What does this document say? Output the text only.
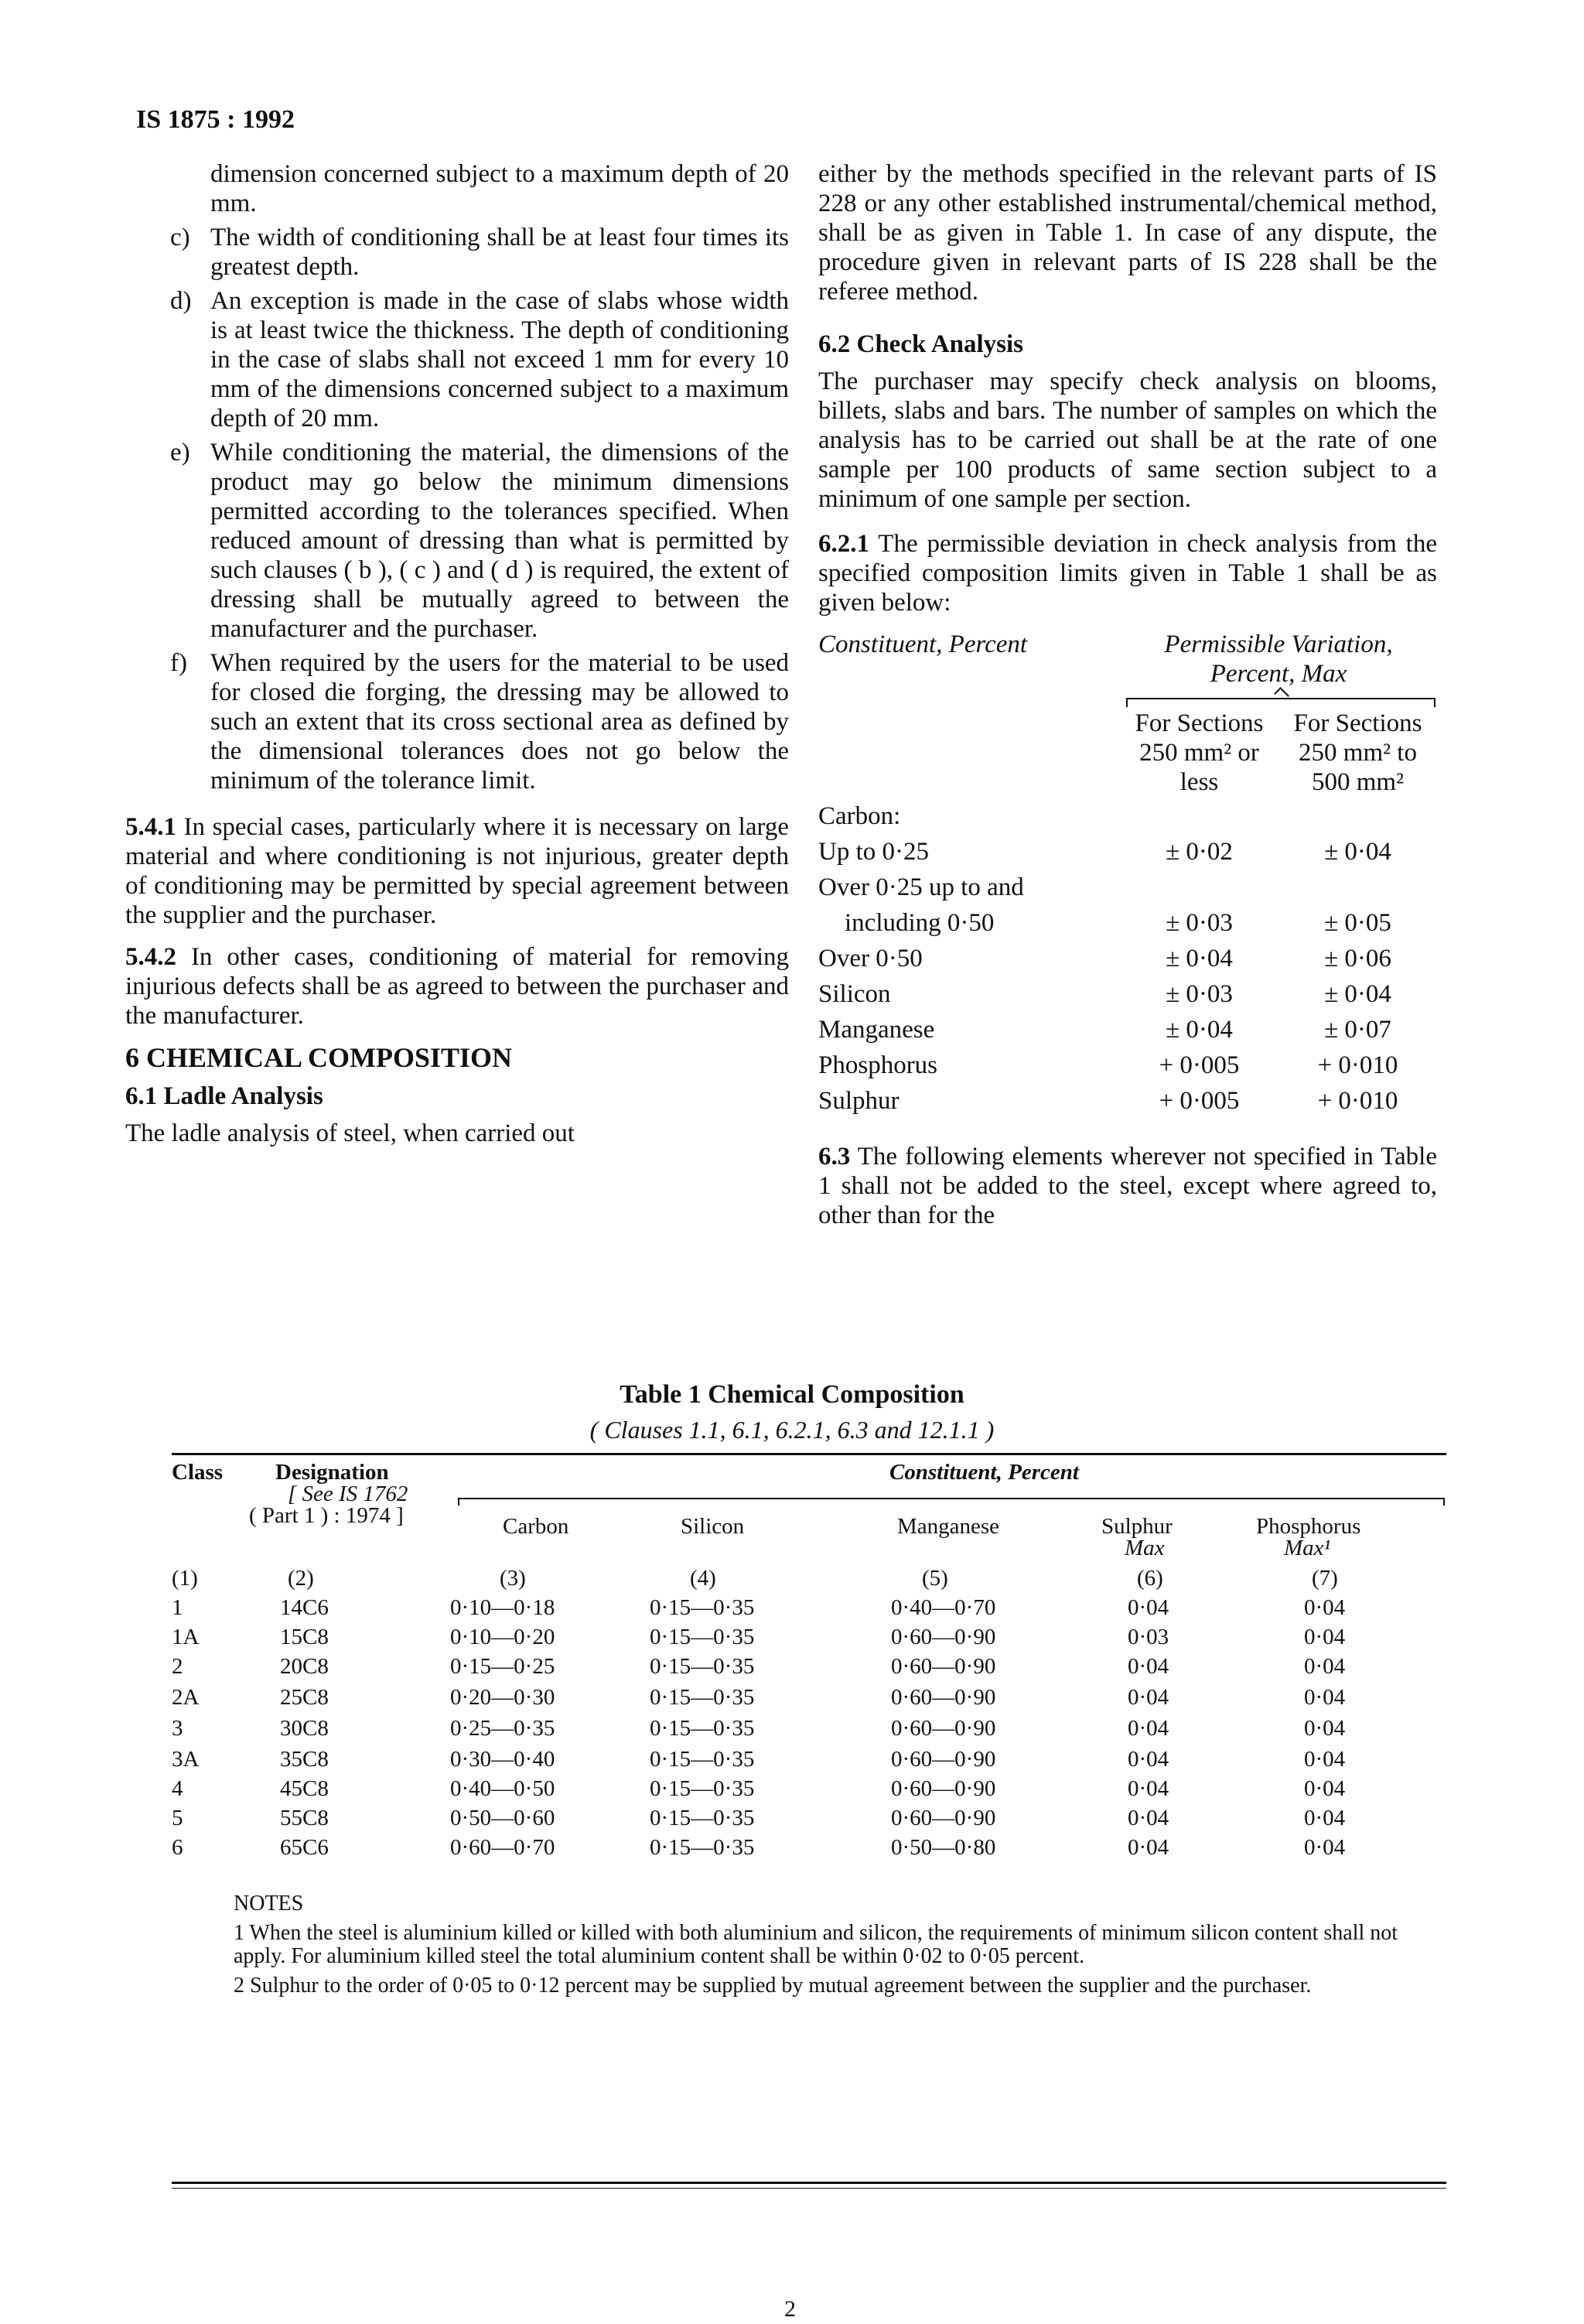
IS 1875 : 1992
dimension concerned subject to a maximum depth of 20 mm.
c) The width of conditioning shall be at least four times its greatest depth.
d) An exception is made in the case of slabs whose width is at least twice the thickness. The depth of conditioning in the case of slabs shall not exceed 1 mm for every 10 mm of the dimensions concerned subject to a maximum depth of 20 mm.
e) While conditioning the material, the dimensions of the product may go below the minimum dimensions permitted according to the tolerances specified. When reduced amount of dressing than what is permitted by such clauses ( b ), ( c ) and ( d ) is required, the extent of dressing shall be mutually agreed to between the manufacturer and the purchaser.
f) When required by the users for the material to be used for closed die forging, the dressing may be allowed to such an extent that its cross sectional area as defined by the dimensional tolerances does not go below the minimum of the tolerance limit.

5.4.1 In special cases, particularly where it is necessary on large material and where conditioning is not injurious, greater depth of conditioning may be permitted by special agreement between the supplier and the purchaser.

5.4.2 In other cases, conditioning of material for removing injurious defects shall be as agreed to between the purchaser and the manufacturer.

6 CHEMICAL COMPOSITION
6.1 Ladle Analysis

The ladle analysis of steel, when carried out

either by the methods specified in the relevant parts of IS 228 or any other established instrumental/chemical method, shall be as given in Table 1. In case of any dispute, the procedure given in relevant parts of IS 228 shall be the referee method.

6.2 Check Analysis

The purchaser may specify check analysis on blooms, billets, slabs and bars. The number of samples on which the analysis has to be carried out shall be at the rate of one sample per 100 products of same section subject to a minimum of one sample per section.

6.2.1 The permissible deviation in check analysis from the specified composition limits given in Table 1 shall be as given below:

Constituent, Percent	Permissible Variation, Percent, Max
For Sections 250 mm² or less
For Sections 250 mm² to 500 mm²
Carbon:
Up to 0·25	± 0·02	± 0·04
Over 0·25 up to and
including 0·50	± 0·03	± 0·05
Over 0·50	± 0·04	± 0·06
Silicon	± 0·03	± 0·04
Manganese	± 0·04	± 0·07
Phosphorus	+ 0·005	+ 0·010
Sulphur	+ 0·005	+ 0·010

6.3 The following elements wherever not specified in Table 1 shall not be added to the steel, except where agreed to, other than for the

Table 1 Chemical Composition
( Clauses 1.1, 6.1, 6.2.1, 6.3 and 12.1.1 )
Class Designation
[ See IS 1762
( Part 1 ) : 1974 ]
Constituent, Percent
Carbon	Silicon	Manganese	Sulphur
Max
Phosphorus
Max¹
(1)	(2)	(3)	(4)	(5)	(6)	(7)
1	14C6	0·10—0·18	0·15—0·35	0·40—0·70	0·04	0·04
1A	15C8	0·10—0·20	0·15—0·35	0·60—0·90	0·03	0·04
2	20C8	0·15—0·25	0·15—0·35	0·60—0·90	0·04	0·04
2A	25C8	0·20—0·30	0·15—0·35	0·60—0·90	0·04	0·04
3	30C8	0·25—0·35	0·15—0·35	0·60—0·90	0·04	0·04
3A	35C8	0·30—0·40	0·15—0·35	0·60—0·90	0·04	0·04
4	45C8	0·40—0·50	0·15—0·35	0·60—0·90	0·04	0·04
5	55C8	0·50—0·60	0·15—0·35	0·60—0·90	0·04	0·04
6	65C6	0·60—0·70	0·15—0·35	0·50—0·80	0·04	0·04
NOTES
1 When the steel is aluminium killed or killed with both aluminium and silicon, the requirements of minimum silicon content shall not apply. For aluminium killed steel the total aluminium content shall be within 0·02 to 0·05 percent.
2 Sulphur to the order of 0·05 to 0·12 percent may be supplied by mutual agreement between the supplier and the purchaser.
2
